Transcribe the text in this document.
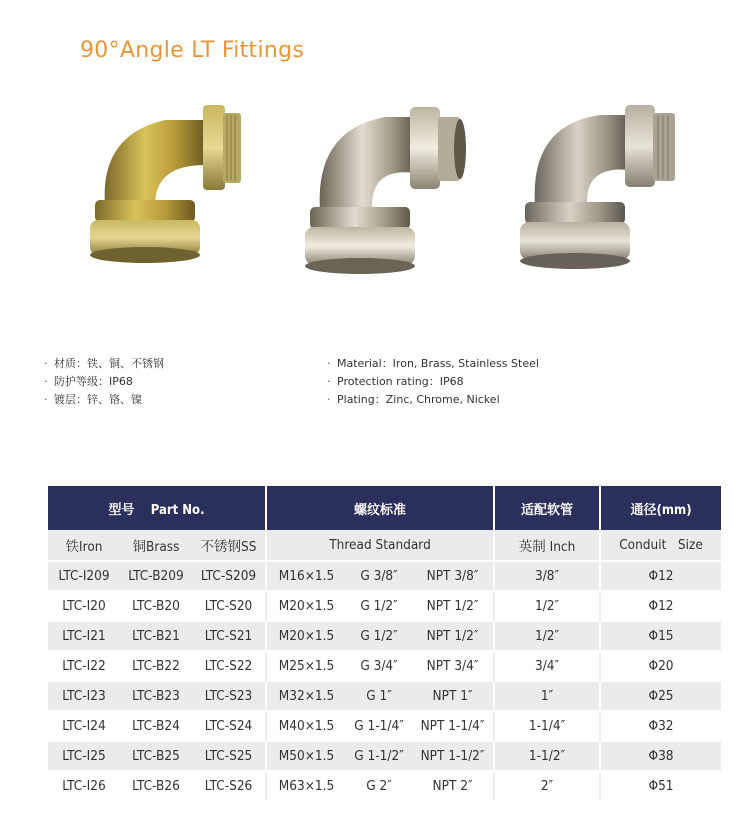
90°Angle LT Fittings
· 材质：铁、铜、不锈钢
· 防护等级：IP68
· 镀层：锌、铬、镍
· Material：Iron, Brass, Stainless Steel
· Protection rating：IP68
· Plating：Zinc, Chrome, Nickel
型号    Part No.			螺纹标准			适配软管	通径(mm)
铁Iron	铜Brass	不锈钢SS	Thread Standard			英制 Inch	Conduit   Size
LTC-I209	LTC-B209	LTC-S209	M16×1.5	G 3/8″	NPT 3/8″	3/8″	Φ12
LTC-I20	LTC-B20	LTC-S20	M20×1.5	G 1/2″	NPT 1/2″	1/2″	Φ12
LTC-I21	LTC-B21	LTC-S21	M20×1.5	G 1/2″	NPT 1/2″	1/2″	Φ15
LTC-I22	LTC-B22	LTC-S22	M25×1.5	G 3/4″	NPT 3/4″	3/4″	Φ20
LTC-I23	LTC-B23	LTC-S23	M32×1.5	G 1″	NPT 1″	1″	Φ25
LTC-I24	LTC-B24	LTC-S24	M40×1.5	G 1-1/4″	NPT 1-1/4″	1-1/4″	Φ32
LTC-I25	LTC-B25	LTC-S25	M50×1.5	G 1-1/2″	NPT 1-1/2″	1-1/2″	Φ38
LTC-I26	LTC-B26	LTC-S26	M63×1.5	G 2″	NPT 2″	2″	Φ51
